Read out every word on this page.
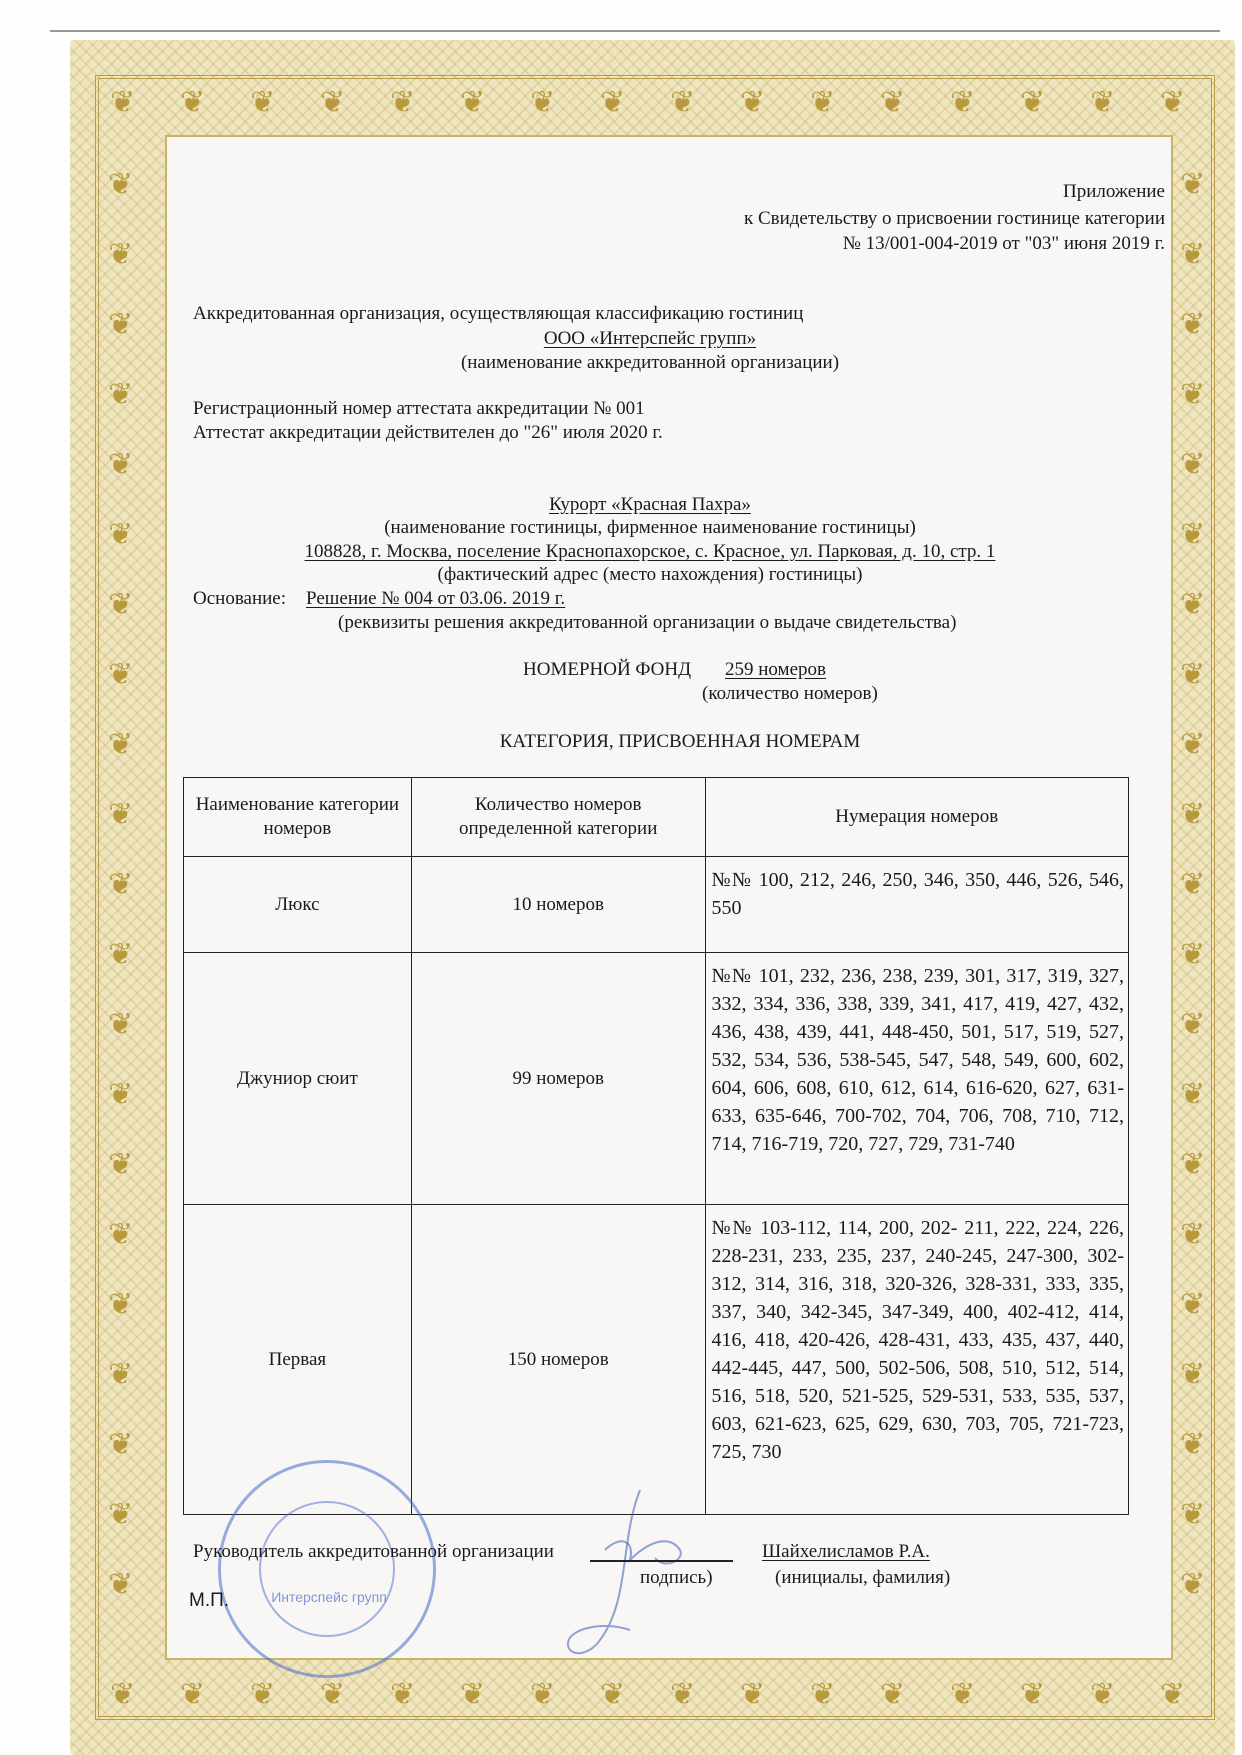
❦
❦
❦
❦
❦
❦
❦
❦
❦
❦
❦
❦
❦
❦
❦
❦
❦
❦
❦
❦
❦
❦
❦
❦
❦
❦
❦
❦
❦
❦
❦
❦
❦	❦
❦	❦
❦	❦
❦	❦
❦	❦
❦	❦
❦	❦
❦	❦
❦	❦
❦	❦
❦	❦
❦	❦
❦	❦
❦	❦
❦	❦
❦	❦
❦	❦
❦	❦
❦	❦
❦	❦
❦	❦
Приложение
к Свидетельству о присвоении гостинице категории
№ 13/001-004-2019 от "03" июня 2019 г.
Аккредитованная организация, осуществляющая классификацию гостиниц
ООО «Интерспейс групп»
(наименование аккредитованной организации)
Регистрационный номер аттестата аккредитации № 001
Аттестат аккредитации действителен до "26" июля 2020 г.
Курорт «Красная Пахра»
(наименование гостиницы, фирменное наименование гостиницы)
108828, г. Москва, поселение Краснопахорское, с. Красное, ул. Парковая, д. 10, стр. 1
(фактический адрес (место нахождения) гостиницы)
Основание: Решение № 004 от 03.06. 2019 г.
(реквизиты решения аккредитованной организации о выдаче свидетельства)
НОМЕРНОЙ ФОНД 259 номеров
(количество номеров)
КАТЕГОРИЯ, ПРИСВОЕННАЯ НОМЕРАМ
Наименование категории номеров	Количество номеров определенной категории	Нумерация номеров
Люкс	10 номеров	№№ 100, 212, 246, 250, 346, 350, 446, 526, 546, 550
Джуниор сюит	99 номеров	№№ 101, 232, 236, 238, 239, 301, 317, 319, 327, 332, 334, 336, 338, 339, 341, 417, 419, 427, 432, 436, 438, 439, 441, 448-450, 501, 517, 519, 527, 532, 534, 536, 538-545, 547, 548, 549, 600, 602, 604, 606, 608, 610, 612, 614, 616-620, 627, 631-633, 635-646, 700-702, 704, 706, 708, 710, 712, 714, 716-719, 720, 727, 729, 731-740
Первая	150 номеров	№№ 103-112, 114, 200, 202- 211, 222, 224, 226, 228-231, 233, 235, 237, 240-245, 247-300, 302-312, 314, 316, 318, 320-326, 328-331, 333, 335, 337, 340, 342-345, 347-349, 400, 402-412, 414, 416, 418, 420-426, 428-431, 433, 435, 437, 440, 442-445, 447, 500, 502-506, 508, 510, 512, 514, 516, 518, 520, 521-525, 529-531, 533, 535, 537, 603, 621-623, 625, 629, 630, 703, 705, 721-723, 725, 730
Интерспейс групп
Руководитель аккредитованной организации	Шайхелисламов Р.А.
подпись)	(инициалы, фамилия)
М.П.
